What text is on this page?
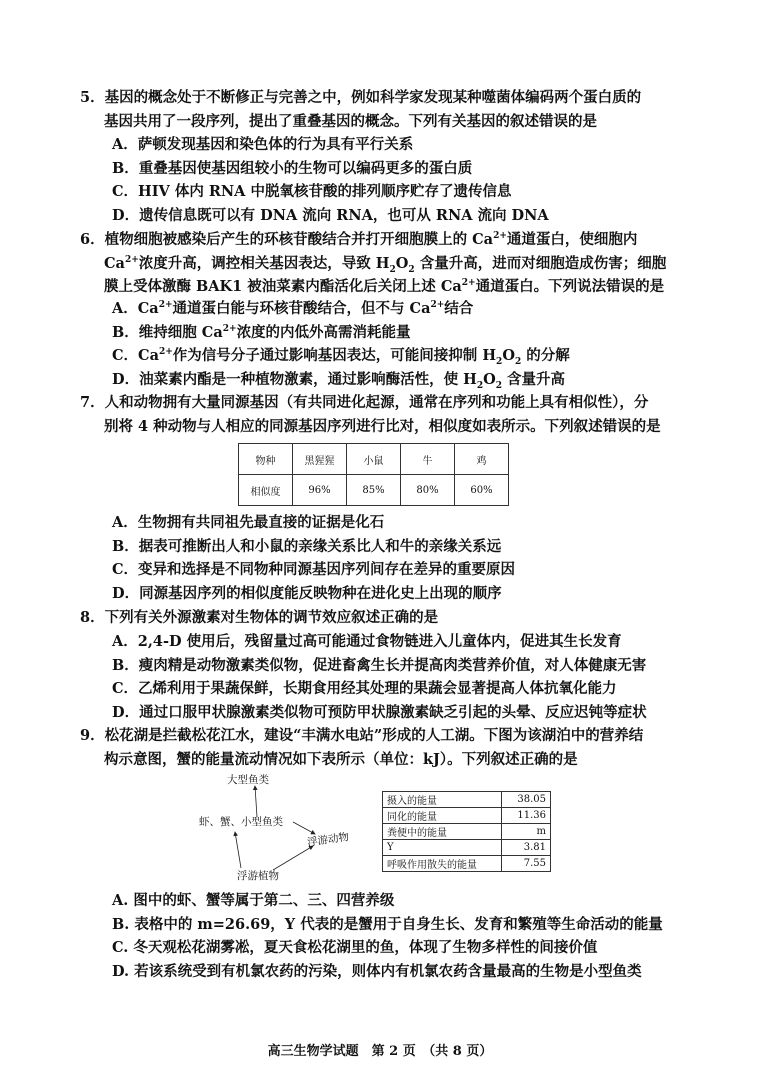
5．基因的概念处于不断修正与完善之中，例如科学家发现某种噬菌体编码两个蛋白质的
基因共用了一段序列，提出了重叠基因的概念。下列有关基因的叙述错误的是
A．萨顿发现基因和染色体的行为具有平行关系
B．重叠基因使基因组较小的生物可以编码更多的蛋白质
C．HIV 体内 RNA 中脱氧核苷酸的排列顺序贮存了遗传信息
D．遗传信息既可以有 DNA 流向 RNA，也可从 RNA 流向 DNA
6．植物细胞被感染后产生的环核苷酸结合并打开细胞膜上的 $Ca^{2+}$通道蛋白，使细胞内
$Ca^{2+}$浓度升高，调控相关基因表达，导致 $H_2O_2$ 含量升高，进而对细胞造成伤害；细胞
膜上受体激酶 BAK1 被油菜素内酯活化后关闭上述 $Ca^{2+}$通道蛋白。下列说法错误的是
A．$Ca^{2+}$通道蛋白能与环核苷酸结合，但不与 $Ca^{2+}$结合
B．维持细胞 $Ca^{2+}$浓度的内低外高需消耗能量
C．$Ca^{2+}$作为信号分子通过影响基因表达，可能间接抑制 $H_2O_2$ 的分解
D．油菜素内酯是一种植物激素，通过影响酶活性，使 $H_2O_2$ 含量升高
7．人和动物拥有大量同源基因（有共同进化起源，通常在序列和功能上具有相似性），分
别将 4 种动物与人相应的同源基因序列进行比对，相似度如表所示。下列叙述错误的是
物种	黑猩猩	小鼠	牛	鸡
相似度	96%	85%	80%	60%
A．生物拥有共同祖先最直接的证据是化石
B．据表可推断出人和小鼠的亲缘关系比人和牛的亲缘关系远
C．变异和选择是不同物种同源基因序列间存在差异的重要原因
D．同源基因序列的相似度能反映物种在进化史上出现的顺序
8．下列有关外源激素对生物体的调节效应叙述正确的是
A．2,4-D 使用后，残留量过高可能通过食物链进入儿童体内，促进其生长发育
B．瘦肉精是动物激素类似物，促进畜禽生长并提高肉类营养价值，对人体健康无害
C．乙烯利用于果蔬保鲜，长期食用经其处理的果蔬会显著提高人体抗氧化能力
D．通过口服甲状腺激素类似物可预防甲状腺激素缺乏引起的头晕、反应迟钝等症状
9．松花湖是拦截松花江水，建设“丰满水电站”形成的人工湖。下图为该湖泊中的营养结
构示意图，蟹的能量流动情况如下表所示（单位：kJ）。下列叙述正确的是
大型鱼类
虾、蟹、小型鱼类
浮游动物
浮游植物
摄入的能量	38.05
同化的能量	11.36
粪便中的能量	m
Y	3.81
呼吸作用散失的能量	7.55
A. 图中的虾、蟹等属于第二、三、四营养级
B. 表格中的 m=26.69，Y 代表的是蟹用于自身生长、发育和繁殖等生命活动的能量
C. 冬天观松花湖雾凇，夏天食松花湖里的鱼，体现了生物多样性的间接价值
D. 若该系统受到有机氯农药的污染，则体内有机氯农药含量最高的生物是小型鱼类
高三生物学试题　第 2 页　（共 8 页）
